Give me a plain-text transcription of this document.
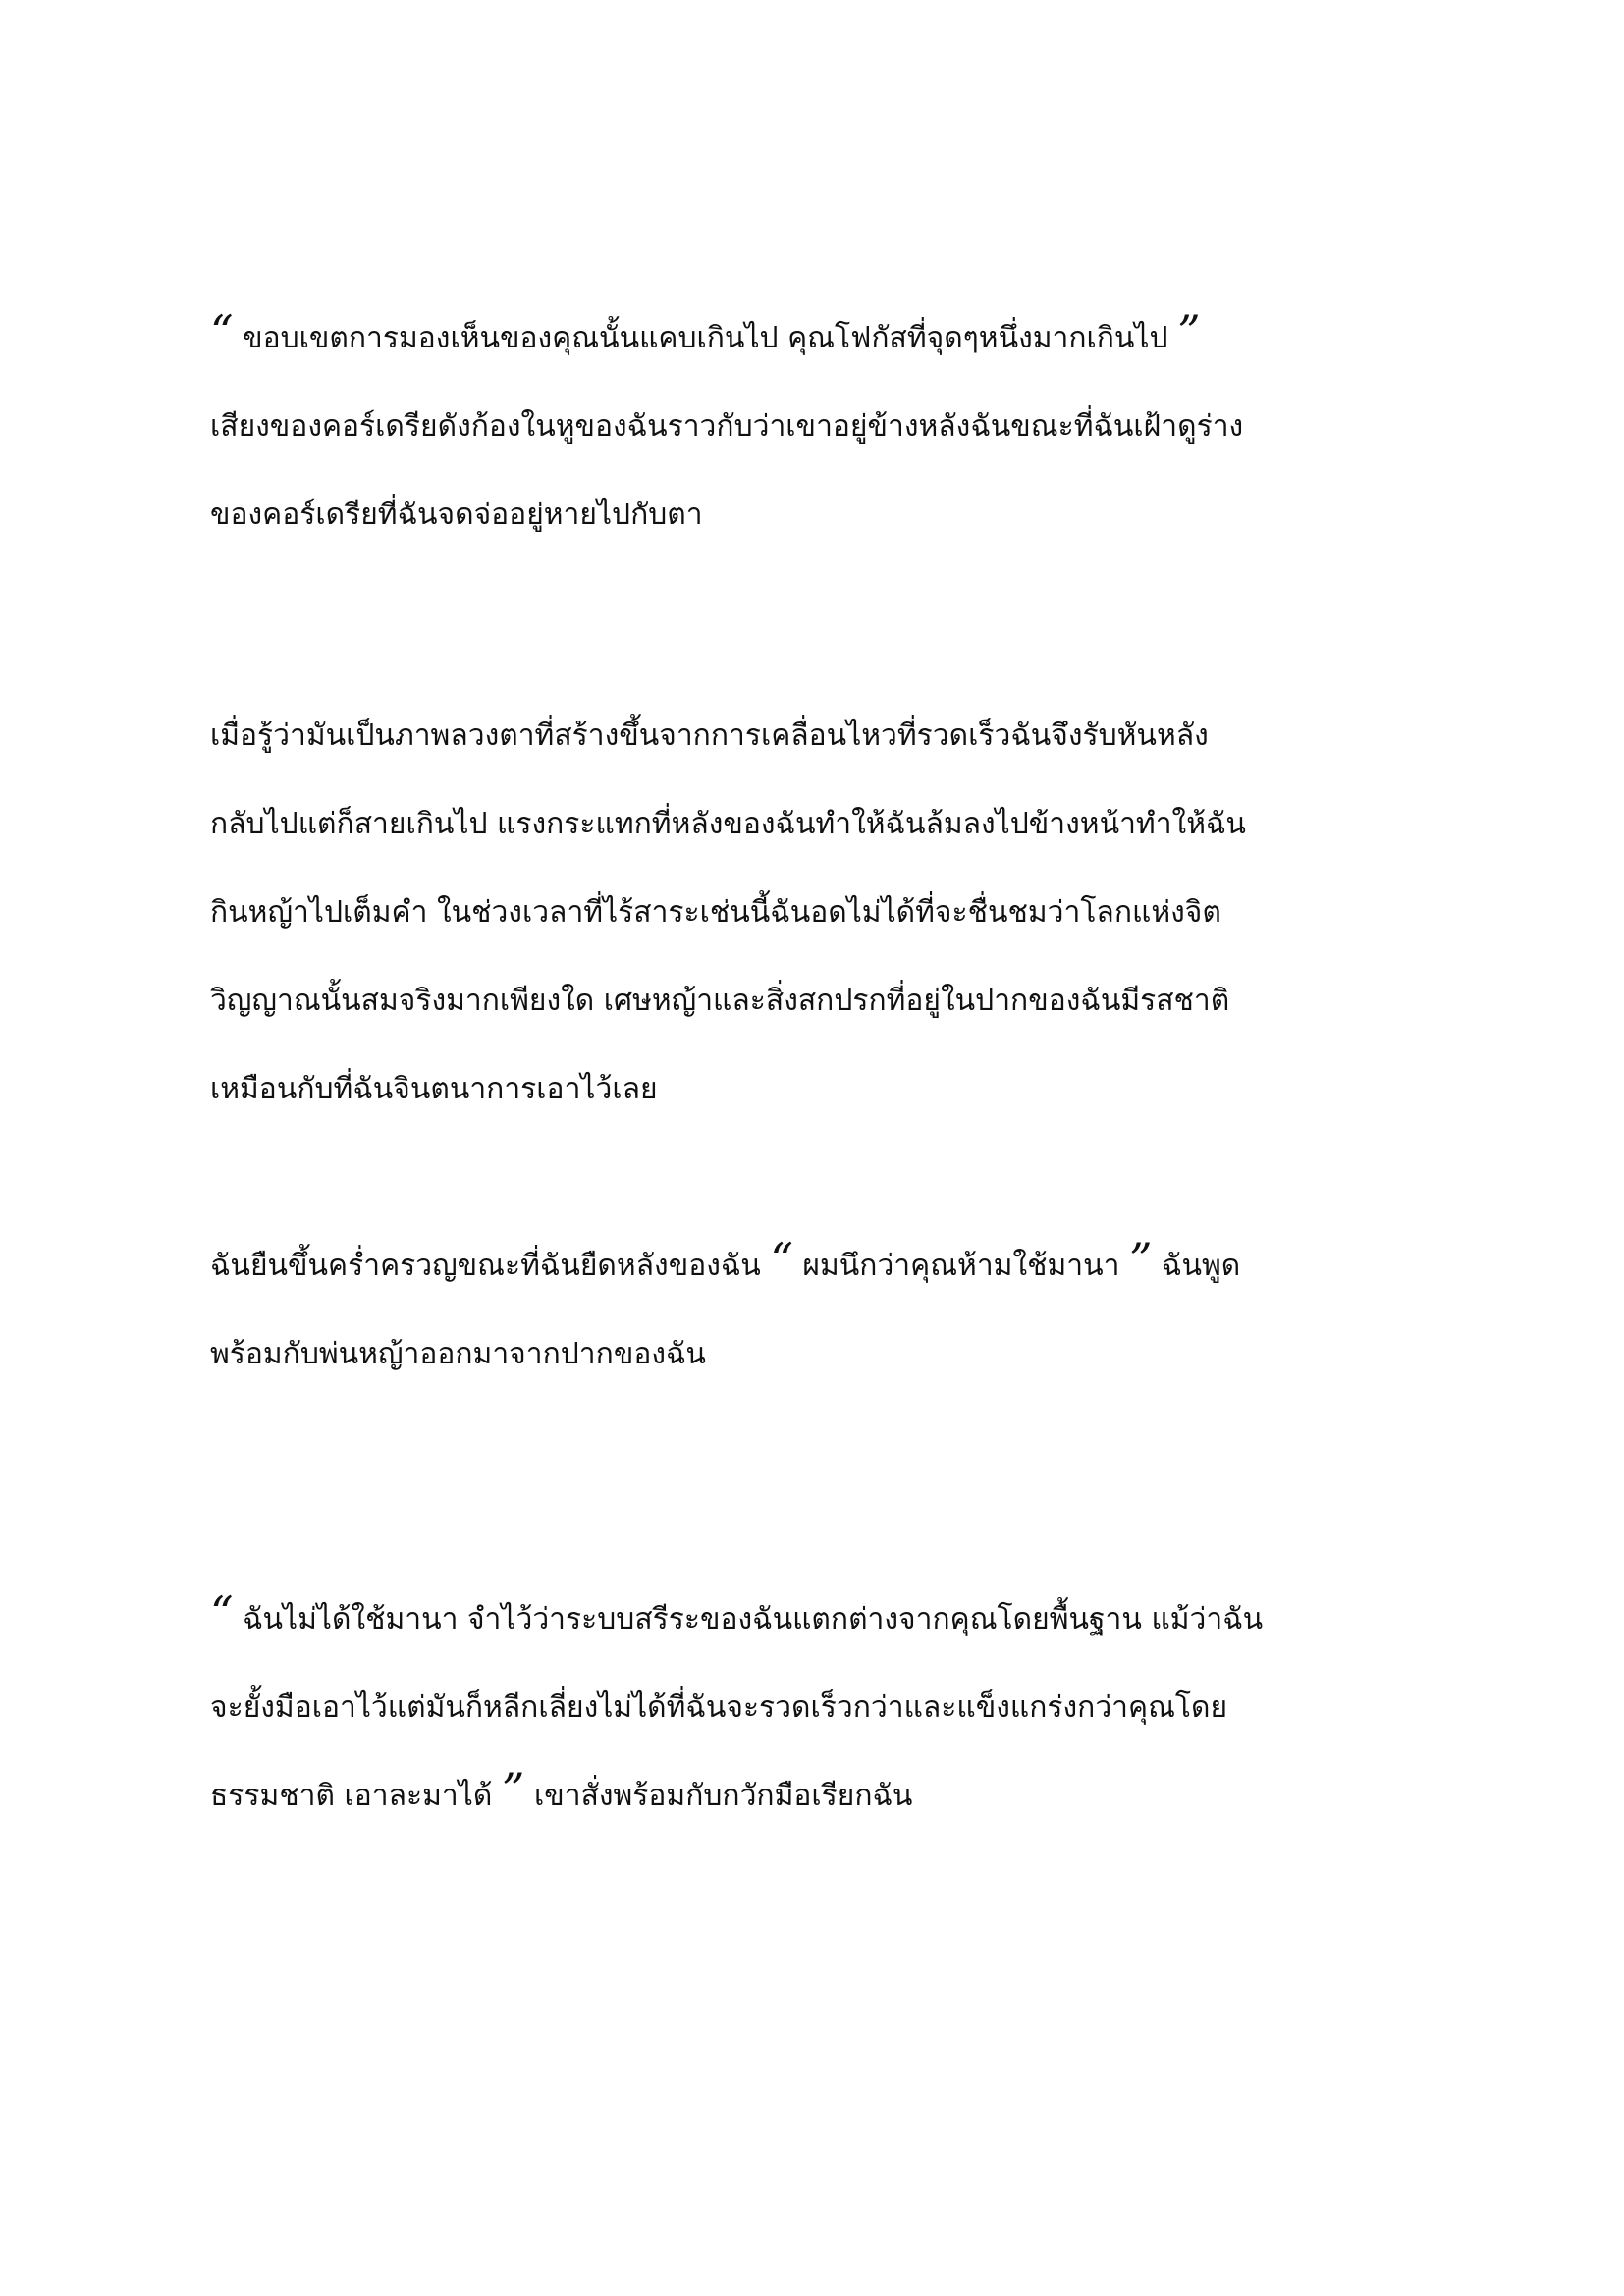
“ ขอบเขตการมองเห็นของคุณนั้นแคบเกินไป คุณโฟกัสที่จุดๆหนึ่งมากเกินไป ”
เสียงของคอร์เดรียดังก้องในหูของฉันราวกับว่าเขาอยู่ข้างหลังฉันขณะที่ฉันเฝ้าดูร่าง
ของคอร์เดรียที่ฉันจดจ่ออยู่หายไปกับตา

เมื่อรู้ว่ามันเป็นภาพลวงตาที่สร้างขึ้นจากการเคลื่อนไหวที่รวดเร็วฉันจึงรับหันหลัง
กลับไปแต่ก็สายเกินไป แรงกระแทกที่หลังของฉันทำให้ฉันล้มลงไปข้างหน้าทำให้ฉัน
กินหญ้าไปเต็มคำ ในช่วงเวลาที่ไร้สาระเช่นนี้ฉันอดไม่ได้ที่จะชื่นชมว่าโลกแห่งจิต
วิญญาณนั้นสมจริงมากเพียงใด เศษหญ้าและสิ่งสกปรกที่อยู่ในปากของฉันมีรสชาติ
เหมือนกับที่ฉันจินตนาการเอาไว้เลย

ฉันยืนขึ้นคร่ำครวญขณะที่ฉันยืดหลังของฉัน “ ผมนึกว่าคุณห้ามใช้มานา ” ฉันพูด
พร้อมกับพ่นหญ้าออกมาจากปากของฉัน

“ ฉันไม่ได้ใช้มานา จำไว้ว่าระบบสรีระของฉันแตกต่างจากคุณโดยพื้นฐาน แม้ว่าฉัน
จะยั้งมือเอาไว้แต่มันก็หลีกเลี่ยงไม่ได้ที่ฉันจะรวดเร็วกว่าและแข็งแกร่งกว่าคุณโดย
ธรรมชาติ เอาละมาได้ ” เขาสั่งพร้อมกับกวักมือเรียกฉัน
